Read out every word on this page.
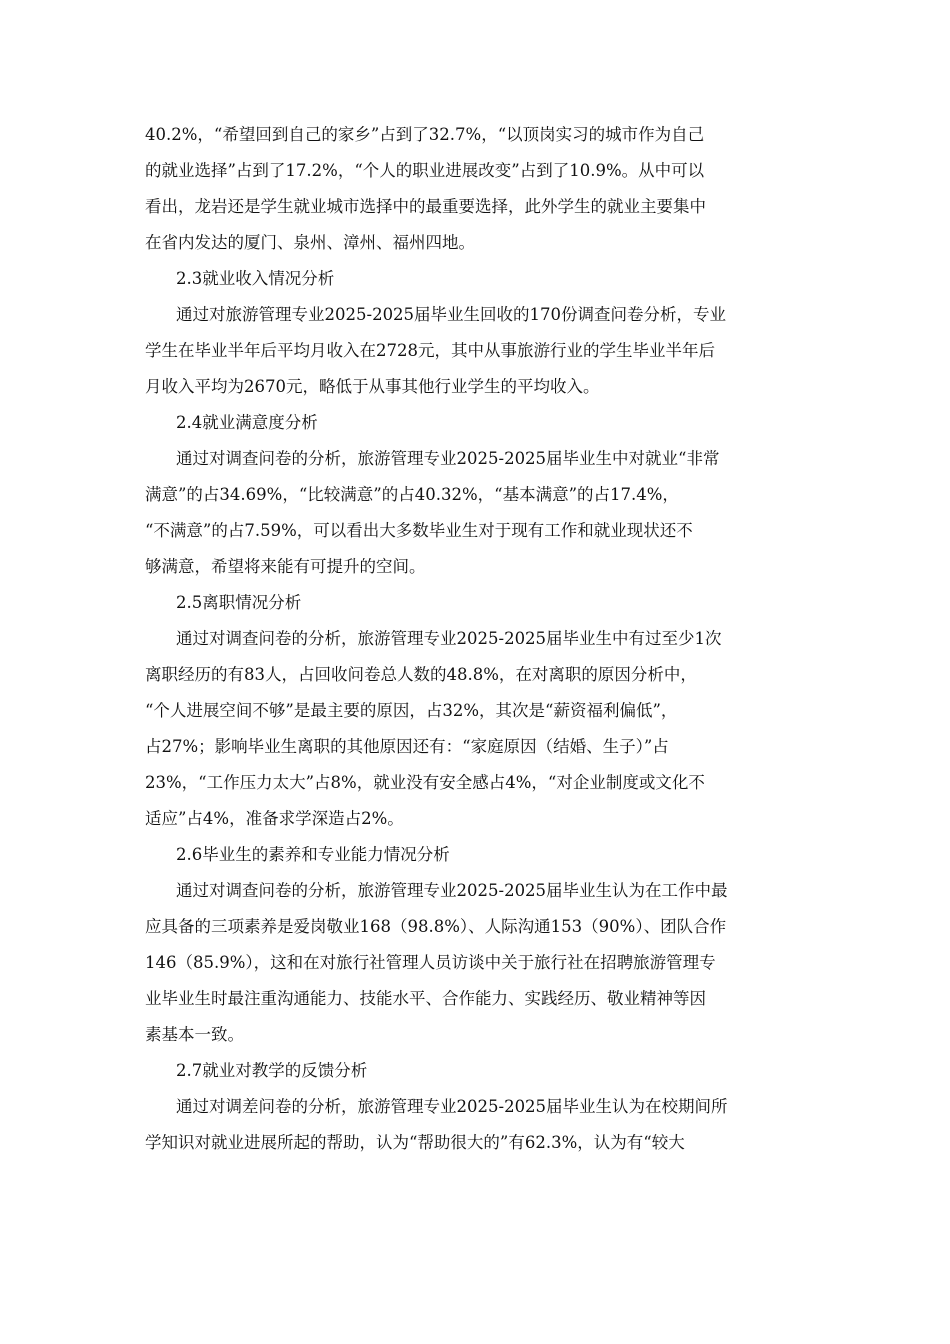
40.2%，“希望回到自己的家乡”占到了32.7%，“以顶岗实习的城市作为自己
的就业选择”占到了17.2%，“个人的职业进展改变”占到了10.9%。从中可以
看出，龙岩还是学生就业城市选择中的最重要选择，此外学生的就业主要集中
在省内发达的厦门、泉州、漳州、福州四地。
2.3就业收入情况分析
通过对旅游管理专业2025-2025届毕业生回收的170份调查问卷分析，专业
学生在毕业半年后平均月收入在2728元，其中从事旅游行业的学生毕业半年后
月收入平均为2670元，略低于从事其他行业学生的平均收入。
2.4就业满意度分析
通过对调查问卷的分析，旅游管理专业2025-2025届毕业生中对就业“非常
满意”的占34.69%，“比较满意”的占40.32%，“基本满意”的占17.4%，
“不满意”的占7.59%，可以看出大多数毕业生对于现有工作和就业现状还不
够满意，希望将来能有可提升的空间。
2.5离职情况分析
通过对调查问卷的分析，旅游管理专业2025-2025届毕业生中有过至少1次
离职经历的有83人，占回收问卷总人数的48.8%，在对离职的原因分析中，
“个人进展空间不够”是最主要的原因，占32%，其次是“薪资福利偏低”，
占27%；影响毕业生离职的其他原因还有：“家庭原因（结婚、生子）”占
23%，“工作压力太大”占8%，就业没有安全感占4%，“对企业制度或文化不
适应”占4%，准备求学深造占2%。
2.6毕业生的素养和专业能力情况分析
通过对调查问卷的分析，旅游管理专业2025-2025届毕业生认为在工作中最
应具备的三项素养是爱岗敬业168（98.8%）、人际沟通153（90%）、团队合作
146（85.9%），这和在对旅行社管理人员访谈中关于旅行社在招聘旅游管理专
业毕业生时最注重沟通能力、技能水平、合作能力、实践经历、敬业精神等因
素基本一致。
2.7就业对教学的反馈分析
通过对调差问卷的分析，旅游管理专业2025-2025届毕业生认为在校期间所
学知识对就业进展所起的帮助，认为“帮助很大的”有62.3%，认为有“较大
